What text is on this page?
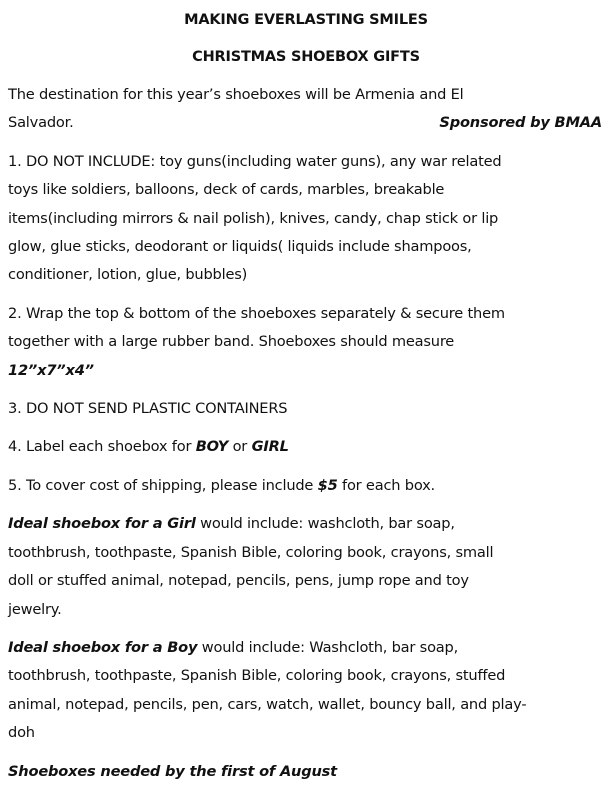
MAKING EVERLASTING SMILES
CHRISTMAS SHOEBOX GIFTS

The destination for this year’s shoeboxes will be Armenia and El

Salvador.	Sponsored by BMAA

1. DO NOT INCLUDE: toy guns(including water guns), any war related

toys like soldiers, balloons, deck of cards, marbles, breakable

items(including mirrors & nail polish), knives, candy, chap stick or lip

glow, glue sticks, deodorant or liquids( liquids include shampoos,

conditioner, lotion, glue, bubbles)

2. Wrap the top & bottom of the shoeboxes separately & secure them

together with a large rubber band. Shoeboxes should measure

12”x7”x4”

3. DO NOT SEND PLASTIC CONTAINERS

4. Label each shoebox for BOY or GIRL

5. To cover cost of shipping, please include $5 for each box.

Ideal shoebox for a Girl would include: washcloth, bar soap,

toothbrush, toothpaste, Spanish Bible, coloring book, crayons, small

doll or stuffed animal, notepad, pencils, pens, jump rope and toy

jewelry.

Ideal shoebox for a Boy would include: Washcloth, bar soap,

toothbrush, toothpaste, Spanish Bible, coloring book, crayons, stuffed

animal, notepad, pencils, pen, cars, watch, wallet, bouncy ball, and play-

doh

Shoeboxes needed by the first of August
